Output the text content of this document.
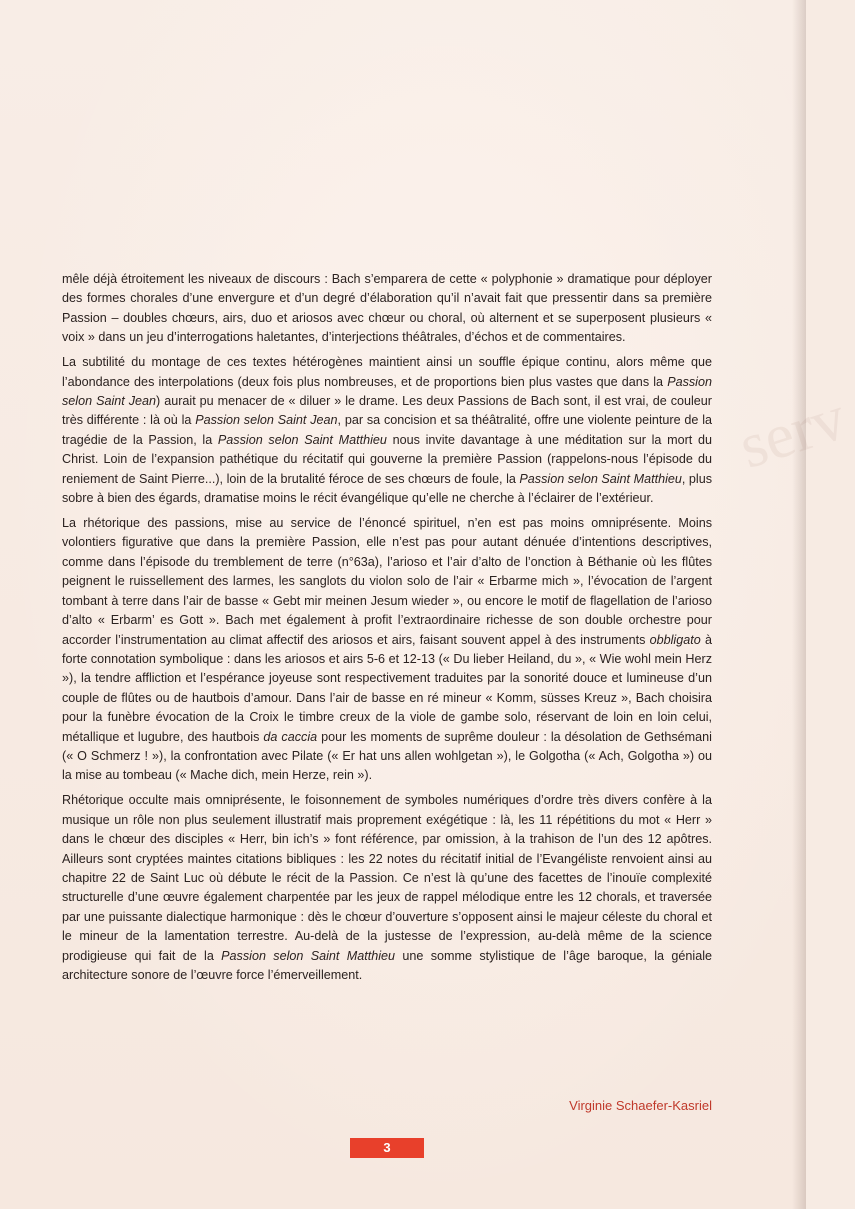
mêle déjà étroitement les niveaux de discours : Bach s’emparera de cette « polyphonie » dramatique pour déployer des formes chorales d’une envergure et d’un degré d’élaboration qu’il n’avait fait que pressentir dans sa première Passion – doubles chœurs, airs, duo et ariosos avec chœur ou choral, où alternent et se superposent plusieurs « voix » dans un jeu d’interrogations haletantes, d’interjections théâtrales, d’échos et de commentaires.

La subtilité du montage de ces textes hétérogènes maintient ainsi un souffle épique continu, alors même que l’abondance des interpolations (deux fois plus nombreuses, et de proportions bien plus vastes que dans la Passion selon Saint Jean) aurait pu menacer de « diluer » le drame. Les deux Passions de Bach sont, il est vrai, de couleur très différente : là où la Passion selon Saint Jean, par sa concision et sa théâtralité, offre une violente peinture de la tragédie de la Passion, la Passion selon Saint Matthieu nous invite davantage à une méditation sur la mort du Christ. Loin de l’expansion pathétique du récitatif qui gouverne la première Passion (rappelons-nous l’épisode du reniement de Saint Pierre...), loin de la brutalité féroce de ses chœurs de foule, la Passion selon Saint Matthieu, plus sobre à bien des égards, dramatise moins le récit évangélique qu’elle ne cherche à l’éclairer de l’extérieur.

La rhétorique des passions, mise au service de l’énoncé spirituel, n’en est pas moins omniprésente. Moins volontiers figurative que dans la première Passion, elle n’est pas pour autant dénuée d’intentions descriptives, comme dans l’épisode du tremblement de terre (n°63a), l’arioso et l’air d’alto de l’onction à Béthanie où les flûtes peignent le ruissellement des larmes, les sanglots du violon solo de l’air « Erbarme mich », l’évocation de l’argent tombant à terre dans l’air de basse « Gebt mir meinen Jesum wieder », ou encore le motif de flagellation de l’arioso d’alto « Erbarm’ es Gott ». Bach met également à profit l’extraordinaire richesse de son double orchestre pour accorder l’instrumentation au climat affectif des ariosos et airs, faisant souvent appel à des instruments obbligato à forte connotation symbolique : dans les ariosos et airs 5-6 et 12-13 (« Du lieber Heiland, du », « Wie wohl mein Herz »), la tendre affliction et l’espérance joyeuse sont respectivement traduites par la sonorité douce et lumineuse d’un couple de flûtes ou de hautbois d’amour. Dans l’air de basse en ré mineur « Komm, süsses Kreuz », Bach choisira pour la funèbre évocation de la Croix le timbre creux de la viole de gambe solo, réservant de loin en loin celui, métallique et lugubre, des hautbois da caccia pour les moments de suprême douleur : la désolation de Gethsémani (« O Schmerz ! »), la confrontation avec Pilate (« Er hat uns allen wohlgetan »), le Golgotha (« Ach, Golgotha ») ou la mise au tombeau (« Mache dich, mein Herze, rein »).

Rhétorique occulte mais omniprésente, le foisonnement de symboles numériques d’ordre très divers confère à la musique un rôle non plus seulement illustratif mais proprement exégétique : là, les 11 répétitions du mot « Herr » dans le chœur des disciples « Herr, bin ich’s » font référence, par omission, à la trahison de l’un des 12 apôtres. Ailleurs sont cryptées maintes citations bibliques : les 22 notes du récitatif initial de l’Evangéliste renvoient ainsi au chapitre 22 de Saint Luc où débute le récit de la Passion. Ce n’est là qu’une des facettes de l’inouïe complexité structurelle d’une œuvre également charpentée par les jeux de rappel mélodique entre les 12 chorals, et traversée par une puissante dialectique harmonique : dès le chœur d’ouverture s’opposent ainsi le majeur céleste du choral et le mineur de la lamentation terrestre. Au-delà de la justesse de l’expression, au-delà même de la science prodigieuse qui fait de la Passion selon Saint Matthieu une somme stylistique de l’âge baroque, la géniale architecture sonore de l’œuvre force l’émerveillement.

Virginie Schaefer-Kasriel
3
